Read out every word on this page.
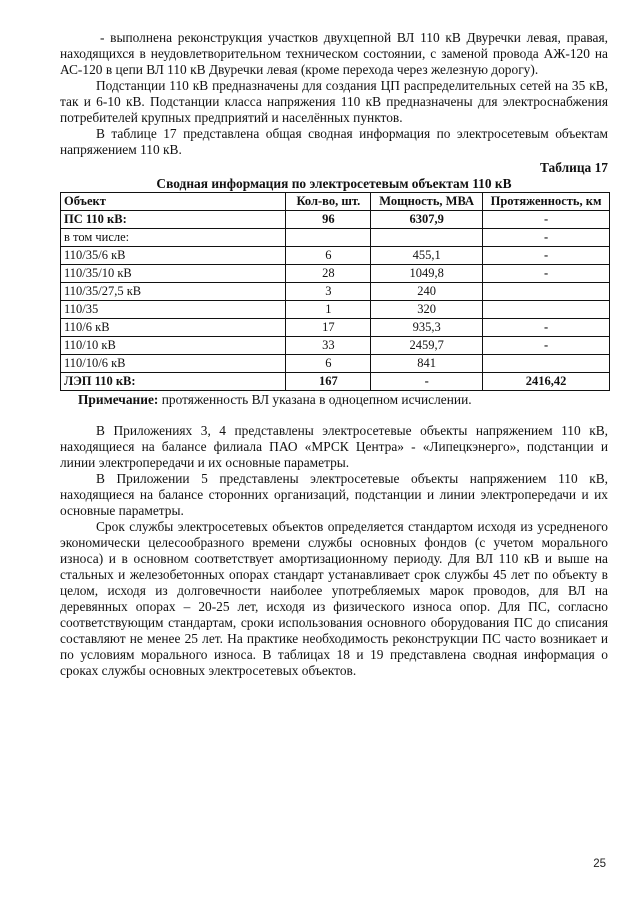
- выполнена реконструкция участков двухцепной ВЛ 110 кВ Двуречки левая, правая, находящихся в неудовлетворительном техническом состоянии, с заменой провода АЖ-120 на АС-120 в цепи ВЛ 110 кВ Двуречки левая (кроме перехода через железную дорогу).

Подстанции 110 кВ предназначены для создания ЦП распределительных сетей на 35 кВ, так и 6-10 кВ. Подстанции класса напряжения 110 кВ предназначены для электроснабжения потребителей крупных предприятий и населённых пунктов.

В таблице 17 представлена общая сводная информация по электросетевым объектам напряжением 110 кВ.

Таблица 17
Сводная информация по электросетевым объектам 110 кВ
Объект	Кол-во, шт.	Мощность, МВА	Протяженность, км
ПС 110 кВ:	96	6307,9	-
в том числе:			-
110/35/6 кВ	6	455,1	-
110/35/10 кВ	28	1049,8	-
110/35/27,5 кВ	3	240	
110/35	1	320	
110/6 кВ	17	935,3	-
110/10 кВ	33	2459,7	-
110/10/6 кВ	6	841	
ЛЭП 110 кВ:	167	-	2416,42
Примечание: протяженность ВЛ указана в одноцепном исчислении.

В Приложениях 3, 4 представлены электросетевые объекты напряжением 110 кВ, находящиеся на балансе филиала ПАО «МРСК Центра» - «Липецкэнерго», подстанции и линии электропередачи и их основные параметры.

В Приложении 5 представлены электросетевые объекты напряжением 110 кВ, находящиеся на балансе сторонних организаций, подстанции и линии электропередачи и их основные параметры.

Срок службы электросетевых объектов определяется стандартом исходя из усредненого экономически целесообразного времени службы основных фондов (с учетом морального износа) и в основном соответствует амортизационному периоду. Для ВЛ 110 кВ и выше на стальных и железобетонных опорах стандарт устанавливает срок службы 45 лет по объекту в целом, исходя из долговечности наиболее употребляемых марок проводов, для ВЛ на деревянных опорах – 20-25 лет, исходя из физического износа опор. Для ПС, согласно соответствующим стандартам, сроки использования основного оборудования ПС до списания составляют не менее 25 лет. На практике необходимость реконструкции ПС часто возникает и по условиям морального износа. В таблицах 18 и 19 представлена сводная информация о сроках службы основных электросетевых объектов.

25
